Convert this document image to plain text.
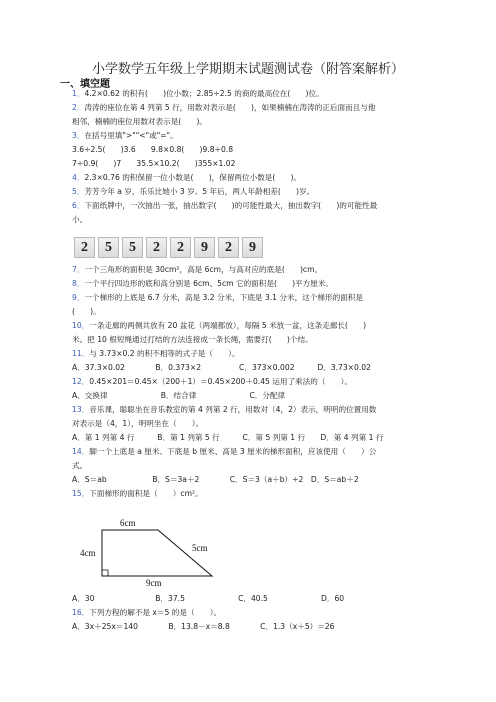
小学数学五年级上学期期末试题测试卷（附答案解析）
一、填空题
1．4.2×0.62 的积有(　　)位小数；2.85÷2.5 的商的最高位在(　　)位。
2．涛涛的座位在第 4 列第 5 行，用数对表示是(　　)，如果楠楠在涛涛的正后面而且与他
相邻，楠楠的座位用数对表示是(　　)。
3．在括号里填">""<"或"="。
3.6÷2.5(　　)3.6　　9.8×0.8(　　)9.8÷0.8
7÷0.9(　　)7　　35.5×10.2(　　)355×1.02
4．2.3×0.76 的积保留一位小数是(　　)，保留两位小数是(　　)。
5．芳芳今年 a 岁，乐乐比她小 3 岁。5 年后，两人年龄相差(　　)岁。
6．下面纸牌中，一次抽出一张，抽出数字(　　)的可能性最大，抽出数字(　　)的可能性最
小。
7．一个三角形的面积是 30cm²，高是 6cm，与高对应的底是(　　)cm。
8．一个平行四边形的底和高分别是 6cm、5cm 它的面积是(　　)平方厘米。
9．一个梯形的上底是 6.7 分米，高是 3.2 分米，下底是 3.1 分米，这个梯形的面积是
(　　)。
10．一条走廊的两侧共放有 20 盆花（两端都放），每隔 5 米放一盆，这条走廊长(　　)
米。把 10 根短绳通过打结的方法连接成一条长绳，需要打(　　)个结。
11．与 3.73×0.2 的积不相等的式子是（　　）。
A．37.3×0.02　　　　B．0.373×2　　　　　C．373×0.002　　　D．3.73×0.02
12．0.45×201＝0.45×（200＋1）＝0.45×200＋0.45 运用了乘法的（　　）。
A．交换律　　　　　　　B．结合律　　　　　　　C．分配律
13．音乐课，聪聪坐在音乐教室的第 4 列第 2 行，用数对（4，2）表示，明明的位置用数
对表示是（4，1），明明坐在（　　）。
A．第 1 列第 4 行　　　B．第 1 列第 5 行　　　C．第 5 列第 1 行　　D．第 4 列第 1 行
14．脚一个上底是 a 厘米、下底是 b 厘米、高是 3 厘米的梯形面积，应该使用（　　）公
式。
A．S＝ab　　　　　　B．S＝3a＋2　　　　C．S＝3（a＋b）÷2　D．S＝ab＋2
15．下面梯形的面积是（　　）cm²。
A．30　　　　　　　　B．37.5　　　　　　　C．40.5　　　　　　　D．60
16．下列方程的解不是 x＝5 的是（　　）。
A．3x＋25x＝140　　　　B．13.8－x＝8.8　　　　C．1.3（x＋5）＝26
2	5	5	2	2	9	2	9
6cm
4cm	5cm
9cm
